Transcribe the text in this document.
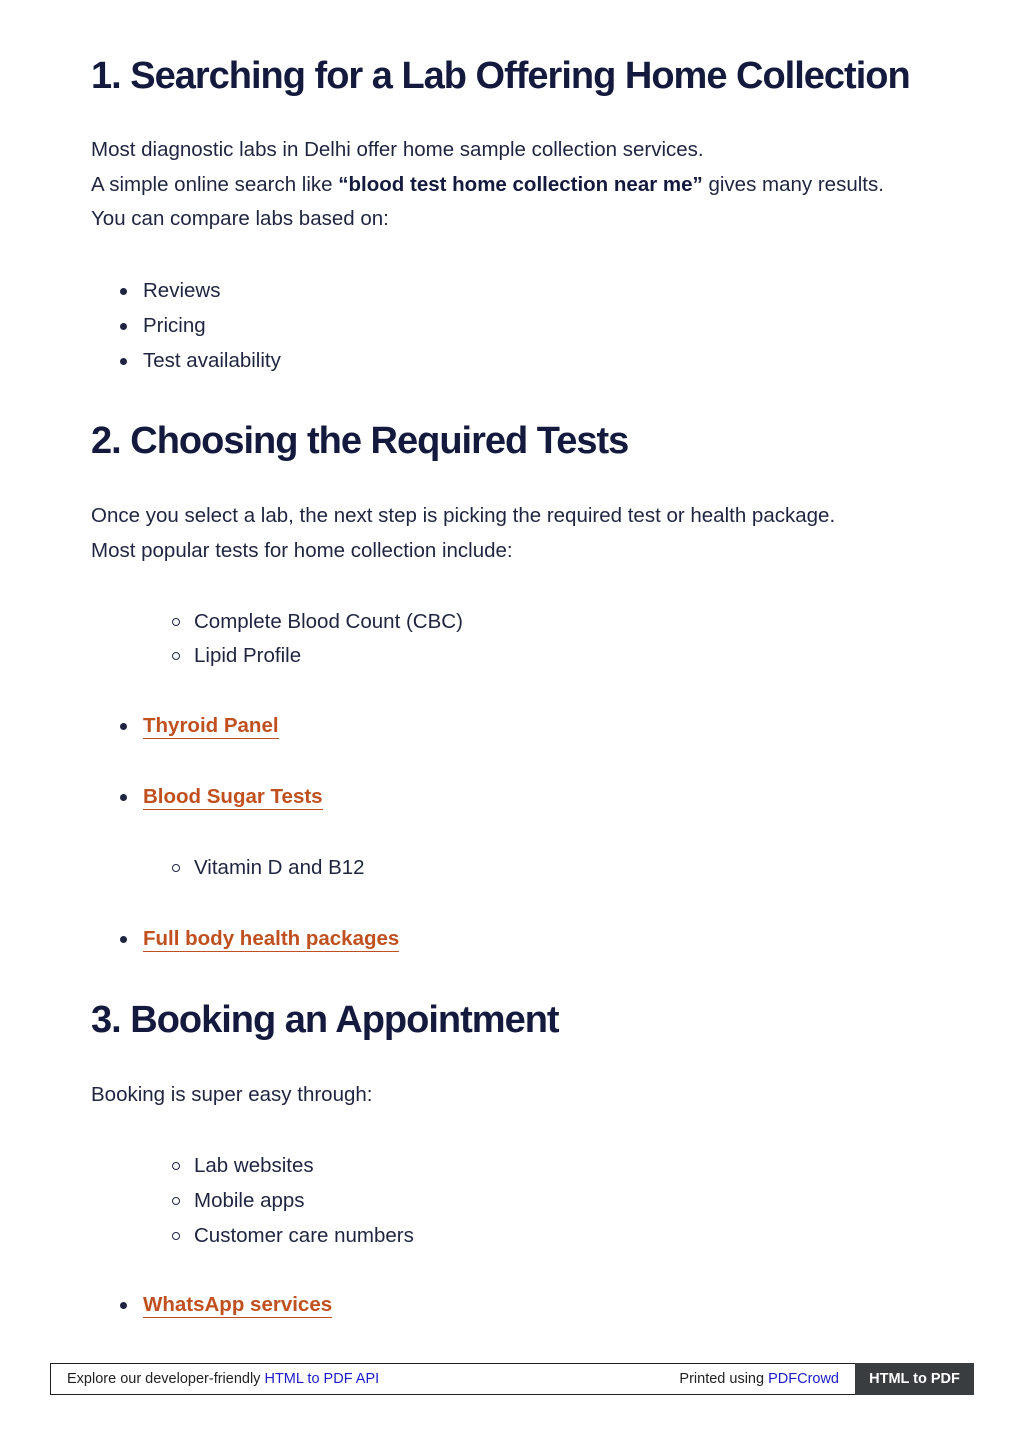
1. Searching for a Lab Offering Home Collection
Most diagnostic labs in Delhi offer home sample collection services.
A simple online search like “blood test home collection near me” gives many results.
You can compare labs based on:
Reviews
Pricing
Test availability
2. Choosing the Required Tests
Once you select a lab, the next step is picking the required test or health package.
Most popular tests for home collection include:
Complete Blood Count (CBC)
Lipid Profile
Thyroid Panel
Blood Sugar Tests
Vitamin D and B12
Full body health packages
3. Booking an Appointment
Booking is super easy through:
Lab websites
Mobile apps
Customer care numbers
WhatsApp services
Explore our developer-friendly HTML to PDF API	Printed using PDFCrowd	HTML to PDF
